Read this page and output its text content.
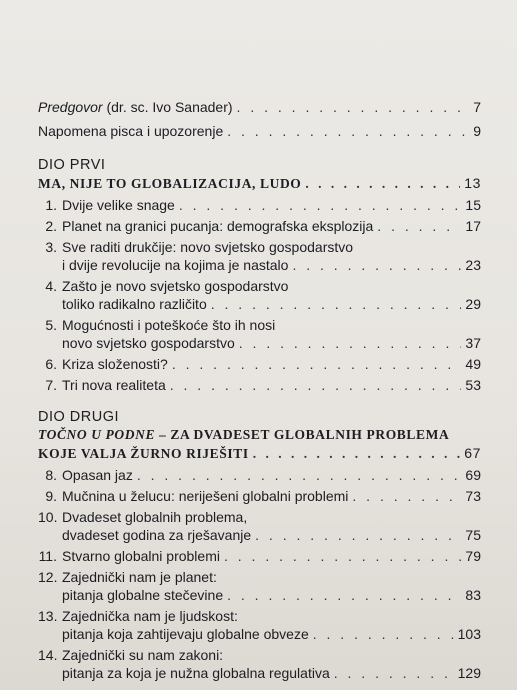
Predgovor (dr. sc. Ivo Sanader) . . .	7
Napomena pisca i upozorenje . . .	9
DIO PRVI
MA, NIJE TO GLOBALIZACIJA, LUDO . . .	13
1. Dvije velike snage . . .	15
2. Planet na granici pucanja: demografska eksplozija . . .	17
3. Sve raditi drukčije: novo svjetsko gospodarstvo
i dvije revolucije na kojima je nastalo . . .	23
4. Zašto je novo svjetsko gospodarstvo
toliko radikalno različito . . .	29
5. Mogućnosti i poteškoće što ih nosi
novo svjetsko gospodarstvo . . .	37
6. Kriza složenosti? . . .	49
7. Tri nova realiteta . . .	53
DIO DRUGI
TOČNO U PODNE – ZA DVADESET GLOBALNIH PROBLEMA
KOJE VALJA ŽURNO RIJEŠITI . . .	67
8. Opasan jaz . . .	69
9. Mučnina u želucu: neriješeni globalni problemi . . .	73
10. Dvadeset globalnih problema,
dvadeset godina za rješavanje . . .	75
11. Stvarno globalni problemi . . .	79
12. Zajednički nam je planet:
pitanja globalne stečevine . . .	83
13. Zajednička nam je ljudskost:
pitanja koja zahtijevaju globalne obveze . . .	103
14. Zajednički su nam zakoni:
pitanja za koja je nužna globalna regulativa . . .	129
